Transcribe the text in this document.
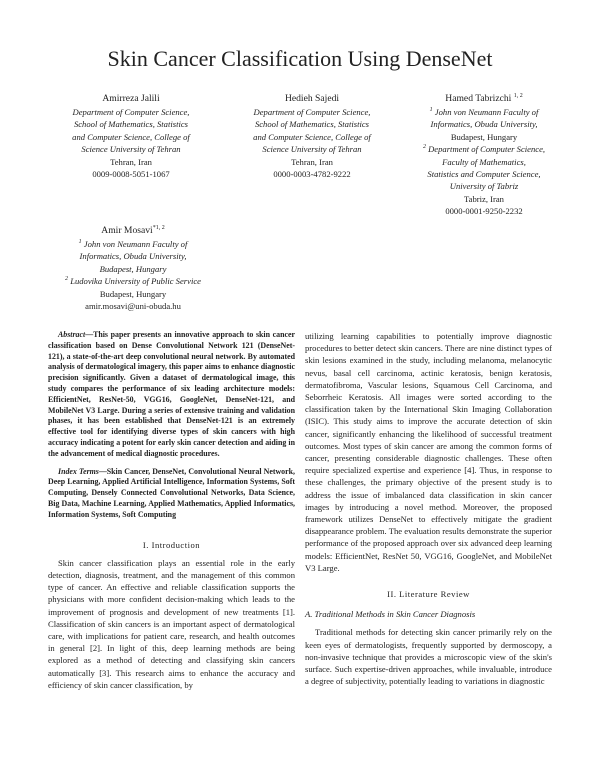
Skin Cancer Classification Using DenseNet
Amirreza Jalili
Department of Computer Science,
School of Mathematics, Statistics
and Computer Science, College of
Science University of Tehran
Tehran, Iran
0009-0008-5051-1067
Hedieh Sajedi
Department of Computer Science,
School of Mathematics, Statistics
and Computer Science, College of
Science University of Tehran
Tehran, Iran
0000-0003-4782-9222
Hamed Tabrizchi $^{1, 2}$
$^1$ John von Neumann Faculty of
Informatics, Obuda University,
Budapest, Hungary
$^2$ Department of Computer Science,
Faculty of Mathematics,
Statistics and Computer Science,
University of Tabriz
Tabriz, Iran
0000-0001-9250-2232
Amir Mosavi$^{*1, 2}$
$^1$ John von Neumann Faculty of
Informatics, Obuda University,
Budapest, Hungary
$^2$ Ludovika University of Public Service
Budapest, Hungary
amir.mosavi@uni-obuda.hu

Abstract—This paper presents an innovative approach to skin cancer classification based on Dense Convolutional Network 121 (DenseNet-121), a state-of-the-art deep convolutional neural network. By automated analysis of dermatological imagery, this paper aims to enhance diagnostic precision significantly. Given a dataset of dermatological image, this study compares the performance of six leading architecture models: EfficientNet, ResNet-50, VGG16, GoogleNet, DenseNet-121, and MobileNet V3 Large. During a series of extensive training and validation phases, it has been established that DenseNet-121 is an extremely effective tool for identifying diverse types of skin cancers with high accuracy indicating a potent for early skin cancer detection and aiding in the advancement of medical diagnostic procedures.

Index Terms—Skin Cancer, DenseNet, Convolutional Neural Network, Deep Learning, Applied Artificial Intelligence, Information Systems, Soft Computing, Densely Connected Convolutional Networks, Data Science, Big Data, Machine Learning, Applied Mathematics, Applied Informatics, Information Systems, Soft Computing

I. Introduction

Skin cancer classification plays an essential role in the early detection, diagnosis, treatment, and the management of this common type of cancer. An effective and reliable classification supports the physicians with more confident decision-making which leads to the improvement of prognosis and development of new treatments [1]. Classification of skin cancers is an important aspect of dermatological care, with implications for patient care, research, and health outcomes in general [2]. In light of this, deep learning methods are being explored as a method of detecting and classifying skin cancers automatically [3]. This research aims to enhance the accuracy and efficiency of skin cancer classification, by

utilizing learning capabilities to potentially improve diagnostic procedures to better detect skin cancers. There are nine distinct types of skin lesions examined in the study, including melanoma, melanocytic nevus, basal cell carcinoma, actinic keratosis, benign keratosis, dermatofibroma, Vascular lesions, Squamous Cell Carcinoma, and Seborrheic Keratosis. All images were sorted according to the classification taken by the International Skin Imaging Collaboration (ISIC). This study aims to improve the accurate detection of skin cancer, significantly enhancing the likelihood of successful treatment outcomes. Most types of skin cancer are among the common forms of cancer, presenting considerable diagnostic challenges. These often require specialized expertise and experience [4]. Thus, in response to these challenges, the primary objective of the present study is to address the issue of imbalanced data classification in skin cancer images by introducing a novel method. Moreover, the proposed framework utilizes DenseNet to effectively mitigate the gradient disappearance problem. The evaluation results demonstrate the superior performance of the proposed approach over six advanced deep learning models: EfficientNet, ResNet 50, VGG16, GoogleNet, and MobileNet V3 Large.

II. Literature Review

A. Traditional Methods in Skin Cancer Diagnosis

Traditional methods for detecting skin cancer primarily rely on the keen eyes of dermatologists, frequently supported by dermoscopy, a non-invasive technique that provides a microscopic view of the skin's surface. Such expertise-driven approaches, while invaluable, introduce a degree of subjectivity, potentially leading to variations in diagnostic
